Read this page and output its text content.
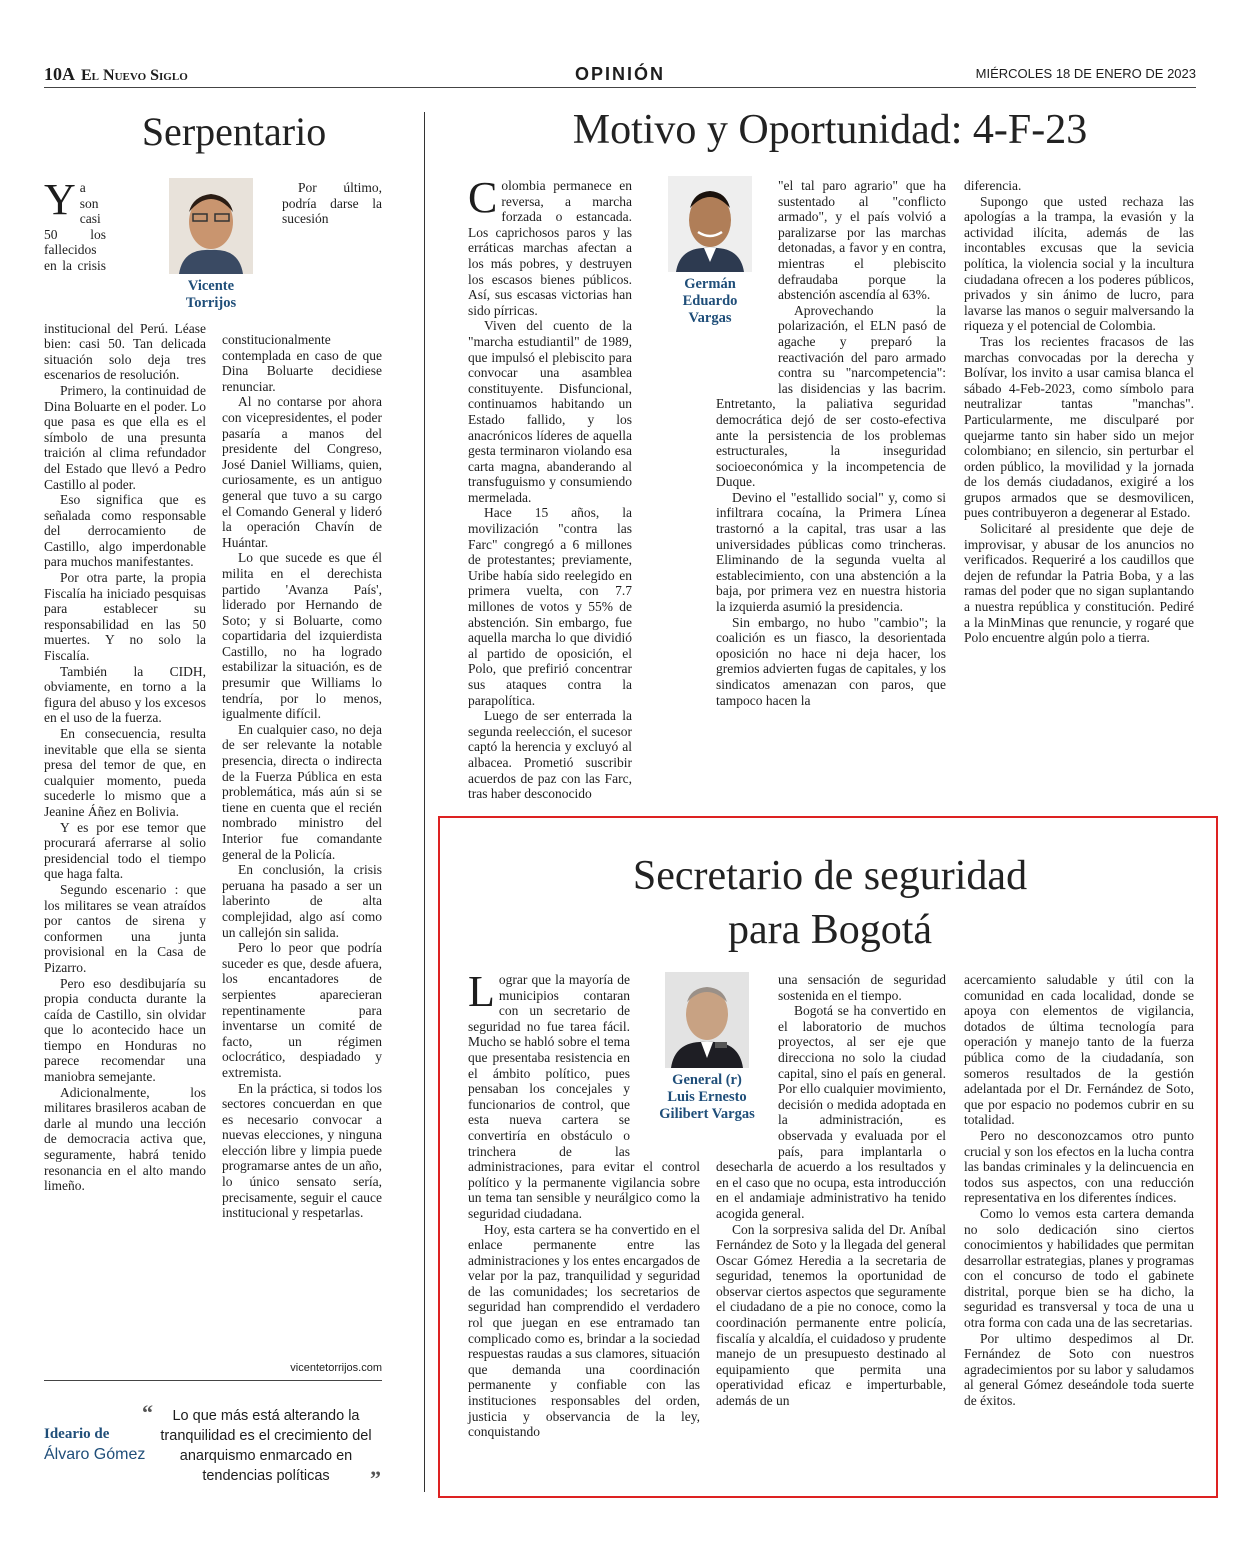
10A El Nuevo Siglo	OPINIÓN	MIÉRCOLES 18 DE ENERO DE 2023
Serpentario
Vicente Torrijos
Y a son casi 50 los fallecidos en la crisis institucional del Perú. Léase bien: casi 50. Tan delicada situación solo deja tres escenarios de resolución.

Primero, la continuidad de Dina Boluarte en el poder. Lo que pasa es que ella es el símbolo de una presunta traición al clima refundador del Estado que llevó a Pedro Castillo al poder.

Eso significa que es señalada como responsable del derrocamiento de Castillo, algo imperdonable para muchos manifestantes.

Por otra parte, la propia Fiscalía ha iniciado pesquisas para establecer su responsabilidad en las 50 muertes. Y no solo la Fiscalía.

También la CIDH, obviamente, en torno a la figura del abuso y los excesos en el uso de la fuerza.

En consecuencia, resulta inevitable que ella se sienta presa del temor de que, en cualquier momento, pueda sucederle lo mismo que a Jeanine Áñez en Bolivia.

Y es por ese temor que procurará aferrarse al solio presidencial todo el tiempo que haga falta.

Segundo escenario : que los militares se vean atraídos por cantos de sirena y conformen una junta provisional en la Casa de Pizarro.

Pero eso desdibujaría su propia conducta durante la caída de Castillo, sin olvidar que lo acontecido hace un tiempo en Honduras no parece recomendar una maniobra semejante.

Adicionalmente, los militares brasileros acaban de darle al mundo una lección de democracia activa que, seguramente, habrá tenido resonancia en el alto mando limeño.

Por último, podría darse la sucesión constitucionalmente contemplada en caso de que Dina Boluarte decidiese renunciar.

Al no contarse por ahora con vicepresidentes, el poder pasaría a manos del presidente del Congreso, José Daniel Williams, quien, curiosamente, es un antiguo general que tuvo a su cargo el Comando General y lideró la operación Chavín de Huántar.

Lo que sucede es que él milita en el derechista partido 'Avanza País', liderado por Hernando de Soto; y si Boluarte, como copartidaria del izquierdista Castillo, no ha logrado estabilizar la situación, es de presumir que Williams lo tendría, por lo menos, igualmente difícil.

En cualquier caso, no deja de ser relevante la notable presencia, directa o indirecta de la Fuerza Pública en esta problemática, más aún si se tiene en cuenta que el recién nombrado ministro del Interior fue comandante general de la Policía.

En conclusión, la crisis peruana ha pasado a ser un laberinto de alta complejidad, algo así como un callejón sin salida.

Pero lo peor que podría suceder es que, desde afuera, los encantadores de serpientes aparecieran repentinamente para inventarse un comité de facto, un régimen oclocrático, despiadado y extremista.

En la práctica, si todos los sectores concuerdan en que es necesario convocar a nuevas elecciones, y ninguna elección libre y limpia puede programarse antes de un año, lo único sensato sería, precisamente, seguir el cauce institucional y respetarlas.

vicentetorrijos.com
Ideario de
Álvaro Gómez
“	Lo que más está alterando la tranquilidad es el crecimiento del anarquismo enmarcado en tendencias políticas	”
Motivo y Oportunidad: 4-F-23
Germán
Eduardo
Vargas
C olombia permanece en reversa, a marcha forzada o estancada. Los caprichosos paros y las erráticas marchas afectan a los más pobres, y destruyen los escasos bienes públicos. Así, sus escasas victorias han sido pírricas.

Viven del cuento de la "marcha estudiantil" de 1989, que impulsó el plebiscito para convocar una asamblea constituyente. Disfuncional, continuamos habitando un Estado fallido, y los anacrónicos líderes de aquella gesta terminaron violando esa carta magna, abanderando al transfuguismo y consumiendo mermelada.

Hace 15 años, la movilización "contra las Farc" congregó a 6 millones de protestantes; previamente, Uribe había sido reelegido en primera vuelta, con 7.7 millones de votos y 55% de abstención. Sin embargo, fue aquella marcha lo que dividió al partido de oposición, el Polo, que prefirió concentrar sus ataques contra la parapolítica.

Luego de ser enterrada la segunda reelección, el sucesor captó la herencia y excluyó al albacea. Prometió suscribir acuerdos de paz con las Farc, tras haber desconocido

"el tal paro agrario" que ha sustentado al "conflicto armado", y el país volvió a paralizarse por las marchas detonadas, a favor y en contra, mientras el plebiscito defraudaba porque la abstención ascendía al 63%.

Aprovechando la polarización, el ELN pasó de agache y preparó la reactivación del paro armado contra su "narcompetencia": las disidencias y las bacrim. Entretanto, la paliativa seguridad democrática dejó de ser costo-efectiva ante la persistencia de los problemas estructurales, la inseguridad socioeconómica y la incompetencia de Duque.

Devino el "estallido social" y, como si infiltrara cocaína, la Primera Línea trastornó a la capital, tras usar a las universidades públicas como trincheras. Eliminando de la segunda vuelta al establecimiento, con una abstención a la baja, por primera vez en nuestra historia la izquierda asumió la presidencia.

Sin embargo, no hubo "cambio"; la coalición es un fiasco, la desorientada oposición no hace ni deja hacer, los gremios advierten fugas de capitales, y los sindicatos amenazan con paros, que tampoco hacen la

diferencia.

Supongo que usted rechaza las apologías a la trampa, la evasión y la actividad ilícita, además de las incontables excusas que la sevicia política, la violencia social y la incultura ciudadana ofrecen a los poderes públicos, privados y sin ánimo de lucro, para lavarse las manos o seguir malversando la riqueza y el potencial de Colombia.

Tras los recientes fracasos de las marchas convocadas por la derecha y Bolívar, los invito a usar camisa blanca el sábado 4-Feb-2023, como símbolo para neutralizar tantas "manchas". Particularmente, me disculparé por quejarme tanto sin haber sido un mejor colombiano; en silencio, sin perturbar el orden público, la movilidad y la jornada de los demás ciudadanos, exigiré a los grupos armados que se desmovilicen, pues contribuyeron a degenerar al Estado.

Solicitaré al presidente que deje de improvisar, y abusar de los anuncios no verificados. Requeriré a los caudillos que dejen de refundar la Patria Boba, y a las ramas del poder que no sigan suplantando a nuestra república y constitución. Pediré a la MinMinas que renuncie, y rogaré que Polo encuentre algún polo a tierra.

Secretario de seguridad
para Bogotá
General (r)
Luis Ernesto
Gilibert Vargas
L ograr que la mayoría de municipios contaran con un secretario de seguridad no fue tarea fácil. Mucho se habló sobre el tema que presentaba resistencia en el ámbito político, pues pensaban los concejales y funcionarios de control, que esta nueva cartera se convertiría en obstáculo o trinchera de las administraciones, para evitar el control político y la permanente vigilancia sobre un tema tan sensible y neurálgico como la seguridad ciudadana.

Hoy, esta cartera se ha convertido en el enlace permanente entre las administraciones y los entes encargados de velar por la paz, tranquilidad y seguridad de las comunidades; los secretarios de seguridad han comprendido el verdadero rol que juegan en ese entramado tan complicado como es, brindar a la sociedad respuestas raudas a sus clamores, situación que demanda una coordinación permanente y confiable con las instituciones responsables del orden, justicia y observancia de la ley, conquistando

una sensación de seguridad sostenida en el tiempo.

Bogotá se ha convertido en el laboratorio de muchos proyectos, al ser eje que direcciona no solo la ciudad capital, sino el país en general. Por ello cualquier movimiento, decisión o medida adoptada en la administración, es observada y evaluada por el país, para implantarla o desecharla de acuerdo a los resultados y en el caso que no ocupa, esta introducción en el andamiaje administrativo ha tenido acogida general.

Con la sorpresiva salida del Dr. Aníbal Fernández de Soto y la llegada del general Oscar Gómez Heredia a la secretaria de seguridad, tenemos la oportunidad de observar ciertos aspectos que seguramente el ciudadano de a pie no conoce, como la coordinación permanente entre policía, fiscalía y alcaldía, el cuidadoso y prudente manejo de un presupuesto destinado al equipamiento que permita una operatividad eficaz e imperturbable, además de un

acercamiento saludable y útil con la comunidad en cada localidad, donde se apoya con elementos de vigilancia, dotados de última tecnología para operación y manejo tanto de la fuerza pública como de la ciudadanía, son someros resultados de la gestión adelantada por el Dr. Fernández de Soto, que por espacio no podemos cubrir en su totalidad.

Pero no desconozcamos otro punto crucial y son los efectos en la lucha contra las bandas criminales y la delincuencia en todos sus aspectos, con una reducción representativa en los diferentes índices.

Como lo vemos esta cartera demanda no solo dedicación sino ciertos conocimientos y habilidades que permitan desarrollar estrategias, planes y programas con el concurso de todo el gabinete distrital, porque bien se ha dicho, la seguridad es transversal y toca de una u otra forma con cada una de las secretarias.

Por ultimo despedimos al Dr. Fernández de Soto con nuestros agradecimientos por su labor y saludamos al general Gómez deseándole toda suerte de éxitos.
